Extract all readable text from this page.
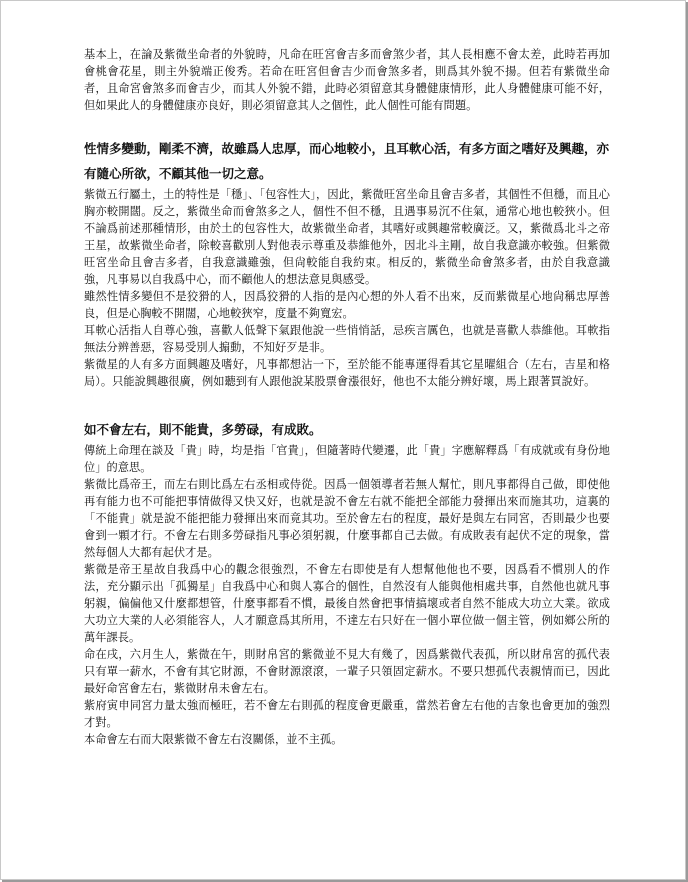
基本上，在論及紫微坐命者的外貌時，凡命在旺宮會吉多而會煞少者，其人長相應不會太差，此時若再加會桃會花星，則主外貌端正俊秀。若命在旺宮但會吉少而會煞多者，則爲其外貌不揚。但若有紫微坐命者，且命宮會煞多而會吉少，而其人外貌不錯，此時必須留意其身體健康情形，此人身體健康可能不好，但如果此人的身體健康亦良好，則必須留意其人之個性，此人個性可能有問題。

性情多變動，剛柔不濟，故雖爲人忠厚，而心地較小，且耳軟心活，有多方面之嗜好及興趣，亦有隨心所欲，不顧其他一切之意。

紫微五行屬土，土的特性是「穩」、「包容性大」，因此，紫微旺宮坐命且會吉多者，其個性不但穩，而且心胸亦較開闊。反之，紫微坐命而會煞多之人，個性不但不穩，且遇事易沉不住氣，通常心地也較狹小。但不論爲前述那種情形，由於土的包容性大，故紫微坐命者，其嗜好或興趣常較廣泛。又，紫微爲北斗之帝王星，故紫微坐命者，除較喜歡別人對他表示尊重及恭維他外，因北斗主剛，故自我意識亦較強。但紫微旺宮坐命且會吉多者，自我意識雖強，但尙較能自我約束。相反的，紫微坐命會煞多者，由於自我意識強，凡事易以自我爲中心，而不顧他人的想法意見與感受。

雖然性情多變但不是狡猾的人，因爲狡猾的人指的是內心想的外人看不出來，反而紫微星心地尙稱忠厚善良，但是心胸較不開闊，心地較狹窄，度量不夠寬宏。

耳軟心活指人自尊心強，喜歡人低聲下氣跟他說一些悄悄話，忌疾言厲色，也就是喜歡人恭維他。耳軟指無法分辨善惡，容易受別人搧動，不知好歹是非。

紫微星的人有多方面興趣及嗜好，凡事都想沾一下，至於能不能專運得看其它星曜組合（左右，吉星和格局）。只能說興趣很廣，例如聽到有人跟他說某股票會漲很好，他也不太能分辨好壞，馬上跟著買說好。

如不會左右，則不能貴，多勞碌，有成敗。

傳統上命理在談及「貴」時，均是指「官貴」，但隨著時代變遷，此「貴」字應解釋爲「有成就或有身份地位」的意思。

紫微比爲帝王，而左右則比爲左右丞相或侍從。因爲一個領導者若無人幫忙，則凡事都得自己做，即使他再有能力也不可能把事情做得又快又好，也就是說不會左右就不能把全部能力發揮出來而施其功，這裏的「不能貴」就是說不能把能力發揮出來而竟其功。至於會左右的程度，最好是與左右同宮，否則最少也要會到一顆才行。不會左右則多勞碌指凡事必須躬親，什麼事都自己去做。有成敗表有起伏不定的現象，當然每個人大都有起伏才是。

紫微是帝王星故自我爲中心的觀念很強烈，不會左右即使是有人想幫他他也不要，因爲看不慣別人的作法，充分顯示出「孤獨星」自我爲中心和與人寡合的個性，自然沒有人能與他相處共事，自然他也就凡事躬親，偏偏他又什麼都想管，什麼事都看不慣，最後自然會把事情搞壞或者自然不能成大功立大業。欲成大功立大業的人必須能容人，人才願意爲其所用，不達左右只好在一個小單位做一個主管，例如鄉公所的萬年課長。

命在戌，六月生人，紫微在午，則財帛宮的紫微並不見大有幾了，因爲紫微代表孤，所以財帛宮的孤代表只有單一薪水，不會有其它財源，不會財源滾滾，一輩子只領固定薪水。不要只想孤代表親情而已，因此最好命宮會左右，紫微財帛未會左右。

紫府寅申同宮力量太強而極旺，若不會左右則孤的程度會更嚴重，當然若會左右他的吉象也會更加的強烈才對。

本命會左右而大限紫微不會左右沒關係，並不主孤。
